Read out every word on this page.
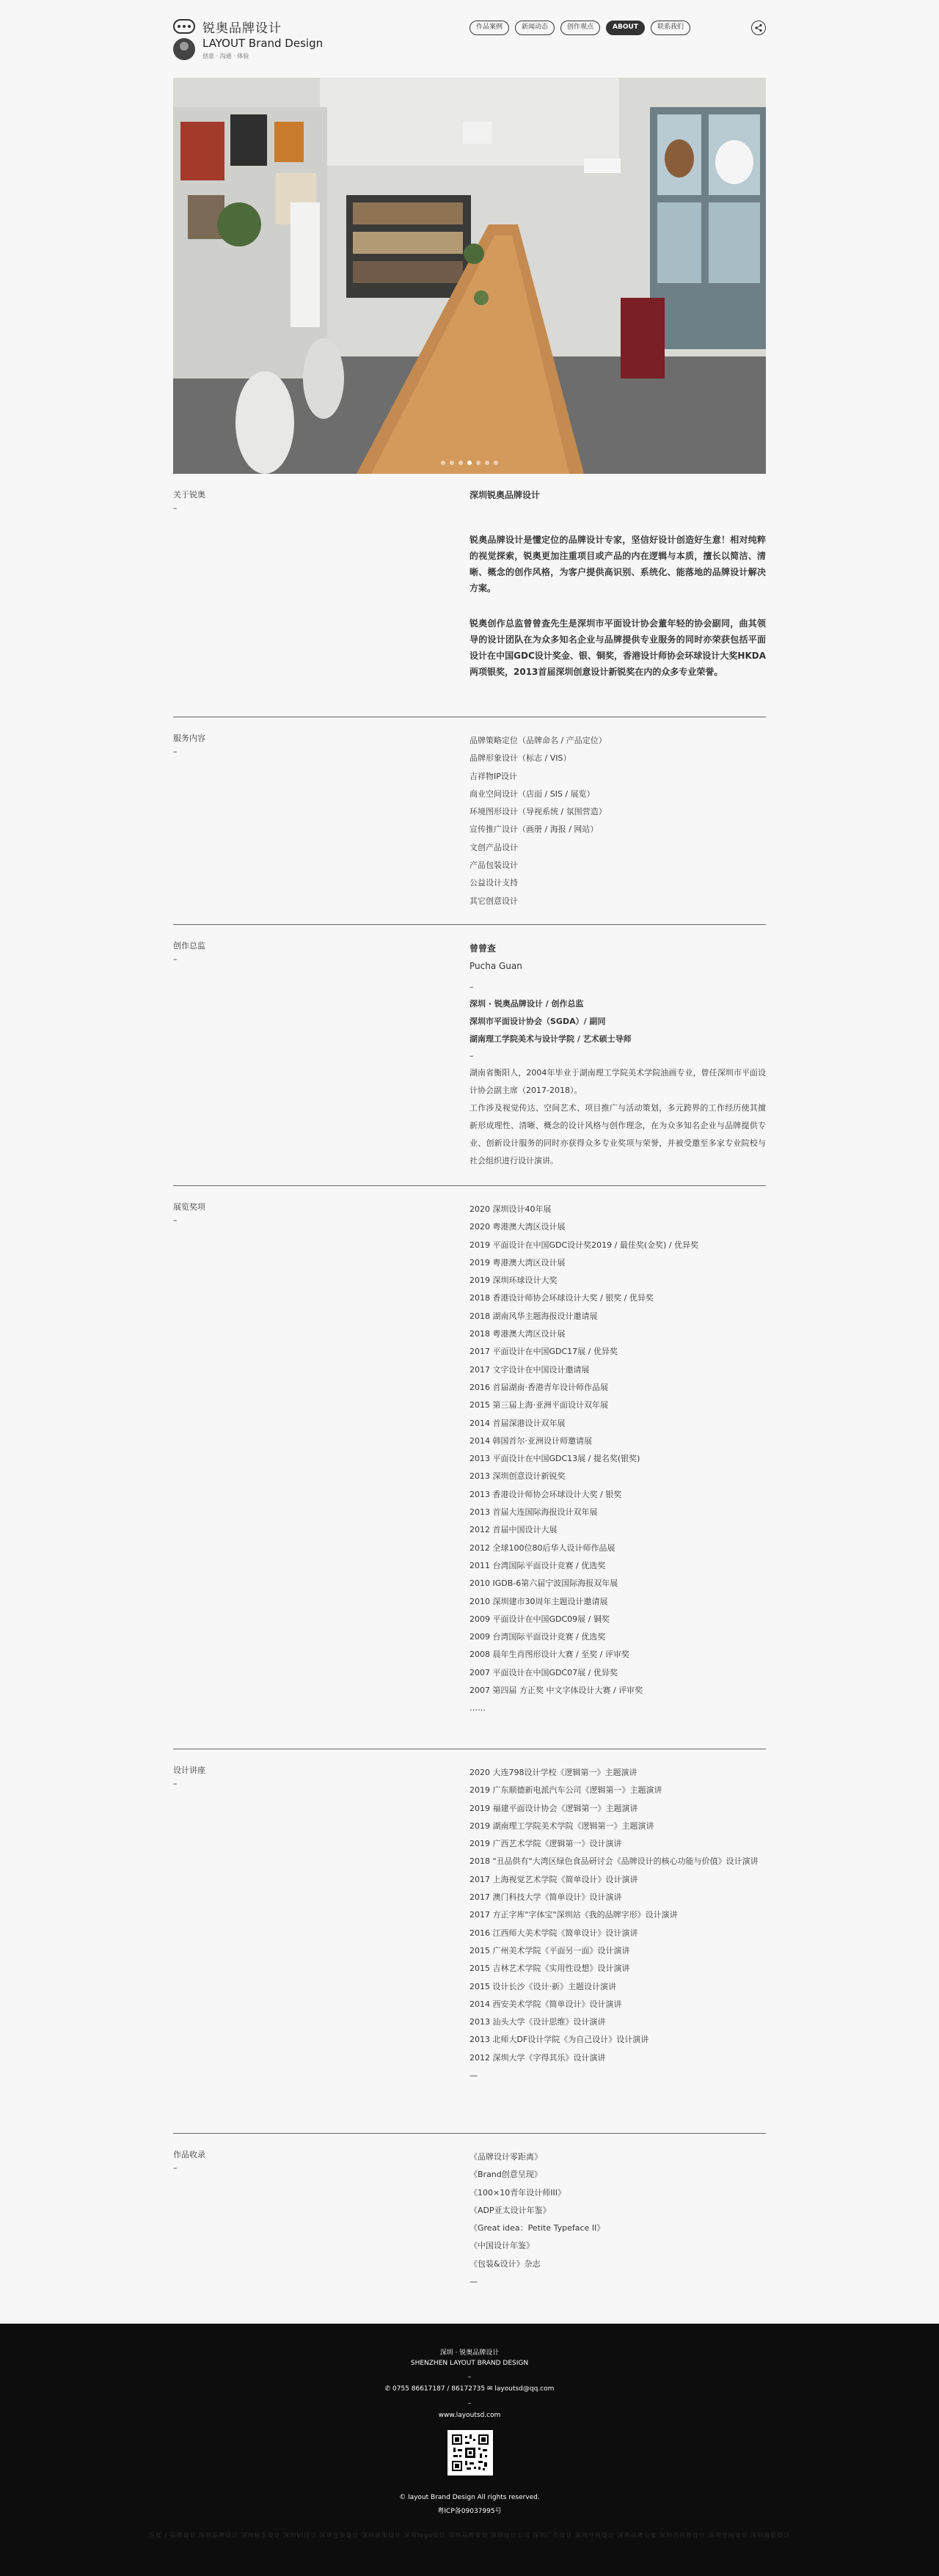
锐奥品牌设计
LAYOUT Brand Design
创意 · 沟通 · 体验
作品案例	新闻动态	创作观点	ABOUT	联系我们
关于锐奥
–
深圳锐奥品牌设计
锐奥品牌设计是懂定位的品牌设计专家，坚信好设计创造好生意！相对纯粹的视觉探索，锐奥更加注重项目或产品的内在逻辑与本质，擅长以简洁、清晰、概念的创作风格，为客户提供高识别、系统化、能落地的品牌设计解决方案。
锐奥创作总监曾曾查先生是深圳市平面设计协会董年轻的协会副同，曲其领导的设计团队在为众多知名企业与品牌提供专业服务的同时亦荣获包括平面设计在中国GDC设计奖金、银、铜奖，香港设计师协会环球设计大奖HKDA 两项银奖，2013首届深圳创意设计新锐奖在内的众多专业荣誉。
服务内容
–
品牌策略定位（品牌命名 / 产品定位）
品牌形象设计（标志 / VIS）
吉祥物IP设计
商业空间设计（店面 / SIS / 展览）
环境图形设计（导视系统 / 氛围营造）
宣传推广设计（画册 / 海报 / 网站）
文创产品设计
产品包装设计
公益设计支持
其它创意设计
创作总监
–
曾曾查
Pucha Guan
–
深圳 · 锐奥品牌设计 / 创作总监
深圳市平面设计协会（SGDA）/ 副同
湖南理工学院美术与设计学院 / 艺术硕士导师
–
湖南省衡阳人，2004年毕业于湖南理工学院美术学院油画专业，曾任深圳市平面设计协会副主席（2017-2018）。
工作涉及视觉传达、空间艺术、项目推广与活动策划，多元跨界的工作经历使其擅新形成理性、清晰、概念的设计风格与创作理念，在为众多知名企业与品牌提供专业、创新设计服务的同时亦获得众多专业奖项与荣誉，并被受邀至多家专业院校与社会组织进行设计演讲。
展览奖项
–
2020 深圳设计40年展
2020 粤港澳大湾区设计展
2019 平面设计在中国GDC设计奖2019 / 最佳奖(金奖) / 优异奖
2019 粤港澳大湾区设计展
2019 深圳环球设计大奖
2018 香港设计师协会环球设计大奖 / 银奖 / 优异奖
2018 湖南风华主题海报设计邀请展
2018 粤港澳大湾区设计展
2017 平面设计在中国GDC17展 / 优异奖
2017 文字设计在中国设计邀请展
2016 首届湖南·香港青年设计师作品展
2015 第三届上海·亚洲平面设计双年展
2014 首届深港设计双年展
2014 韩国首尔·亚洲设计师邀请展
2013 平面设计在中国GDC13展 / 提名奖(银奖)
2013 深圳创意设计新锐奖
2013 香港设计师协会环球设计大奖 / 银奖
2013 首届大连国际海报设计双年展
2012 首届中国设计大展
2012 全球100位80后华人设计师作品展
2011 台湾国际平面设计竞赛 / 优选奖
2010 IGDB-6第六届宁波国际海报双年展
2010 深圳建市30周年主题设计邀请展
2009 平面设计在中国GDC09展 / 铜奖
2009 台湾国际平面设计竞赛 / 优选奖
2008 晨年生肖图形设计大赛 / 至奖 / 评审奖
2007 平面设计在中国GDC07展 / 优异奖
2007 第四届 方正奖 中文字体设计大赛 / 评审奖
……
设计讲座
–
2020 大连798设计学校《逻辑第一》主题演讲
2019 广东顺德新电派汽车公司《逻辑第一》主题演讲
2019 福建平面设计协会《逻辑第一》主题演讲
2019 湖南理工学院美术学院《逻辑第一》主题演讲
2019 广西艺术学院《逻辑第一》设计演讲
2018 "丑品供有"大湾区绿色食品研讨会《品牌设计的核心功能与价值》设计演讲
2017 上海视觉艺术学院《简单设计》设计演讲
2017 澳门科技大学《简单设计》设计演讲
2017 方正字库"字体宝"深圳站《我的品牌字形》设计演讲
2016 江西师大美术学院《简单设计》设计演讲
2015 广州美术学院《平面另一面》设计演讲
2015 吉林艺术学院《实用性设想》设计演讲
2015 设计长沙《设计·新》主题设计演讲
2014 西安美术学院《简单设计》设计演讲
2013 汕头大学《设计思维》设计演讲
2013 北师大DF设计学院《为自己设计》设计演讲
2012 深圳大学《字得其乐》设计演讲
—
作品收录
–
《品牌设计零距离》
《Brand创意呈现》
《100×10青年设计师III》
《ADP亚太设计年鉴》
《Great idea：Petite Typeface II》
《中国设计年鉴》
《包装&设计》杂志
—
深圳 · 锐奥品牌设计
SHENZHEN LAYOUT BRAND DESIGN
–
✆ 0755 86617187 / 86172735 ✉ layoutsd@qq.com
–
www.layoutsd.com
© layout Brand Design All rights reserved.
粤ICP备09037995号
百度 / 品牌设计 深圳品牌设计 深圳标志设计 深圳VI设计 深圳包装设计 深圳画册设计 深圳logo设计 深圳品牌策划 深圳设计公司 深圳广告设计 深圳导视设计 深圳品牌全案 深圳吉祥物设计 深圳空间设计 深圳海报设计
